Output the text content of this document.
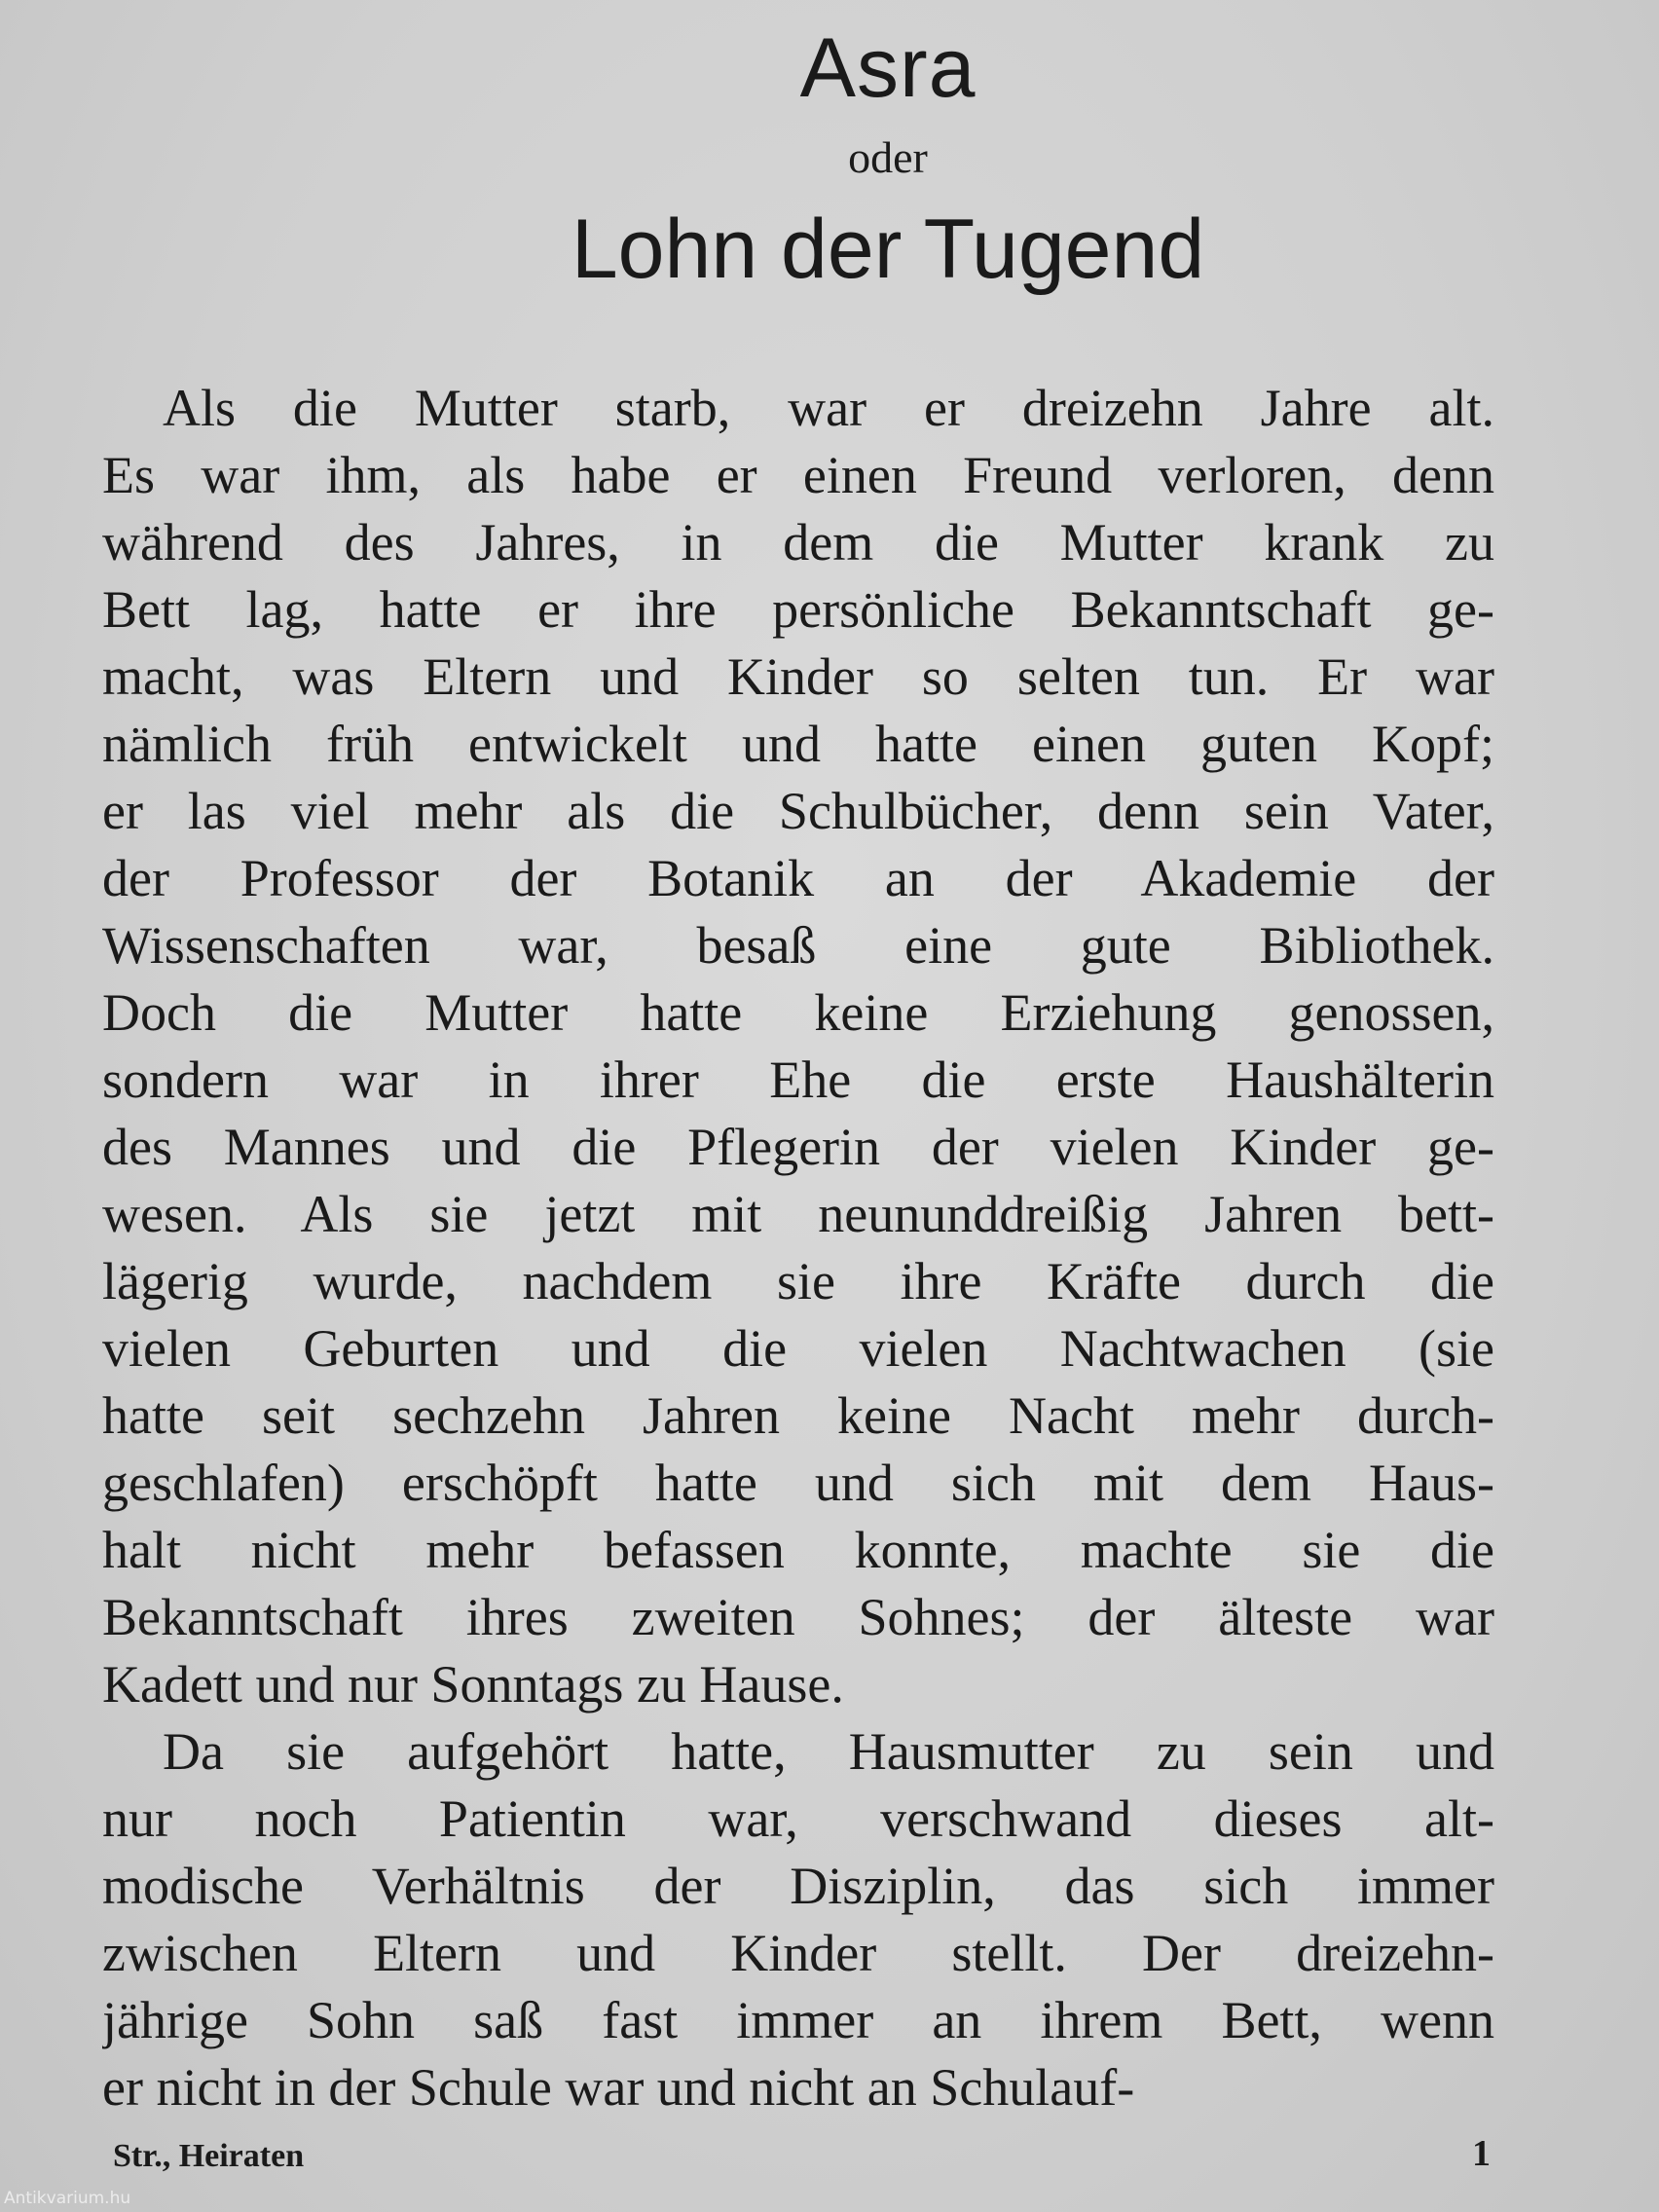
Asra
oder
Lohn der Tugend
Als die Mutter starb, war er dreizehn Jahre alt.
Es war ihm, als habe er einen Freund verloren, denn
während des Jahres, in dem die Mutter krank zu
Bett lag, hatte er ihre persönliche Bekanntschaft ge-
macht, was Eltern und Kinder so selten tun. Er war
nämlich früh entwickelt und hatte einen guten Kopf;
er las viel mehr als die Schulbücher, denn sein Vater,
der Professor der Botanik an der Akademie der
Wissenschaften war, besaß eine gute Bibliothek.
Doch die Mutter hatte keine Erziehung genossen,
sondern war in ihrer Ehe die erste Haushälterin
des Mannes und die Pflegerin der vielen Kinder ge-
wesen. Als sie jetzt mit neununddreißig Jahren bett-
lägerig wurde, nachdem sie ihre Kräfte durch die
vielen Geburten und die vielen Nachtwachen (sie
hatte seit sechzehn Jahren keine Nacht mehr durch-
geschlafen) erschöpft hatte und sich mit dem Haus-
halt nicht mehr befassen konnte, machte sie die
Bekanntschaft ihres zweiten Sohnes; der älteste war
Kadett und nur Sonntags zu Hause.
Da sie aufgehört hatte, Hausmutter zu sein und
nur noch Patientin war, verschwand dieses alt-
modische Verhältnis der Disziplin, das sich immer
zwischen Eltern und Kinder stellt. Der dreizehn-
jährige Sohn saß fast immer an ihrem Bett, wenn
er nicht in der Schule war und nicht an Schulauf-
Str., Heiraten	1
Antikvarium.hu
